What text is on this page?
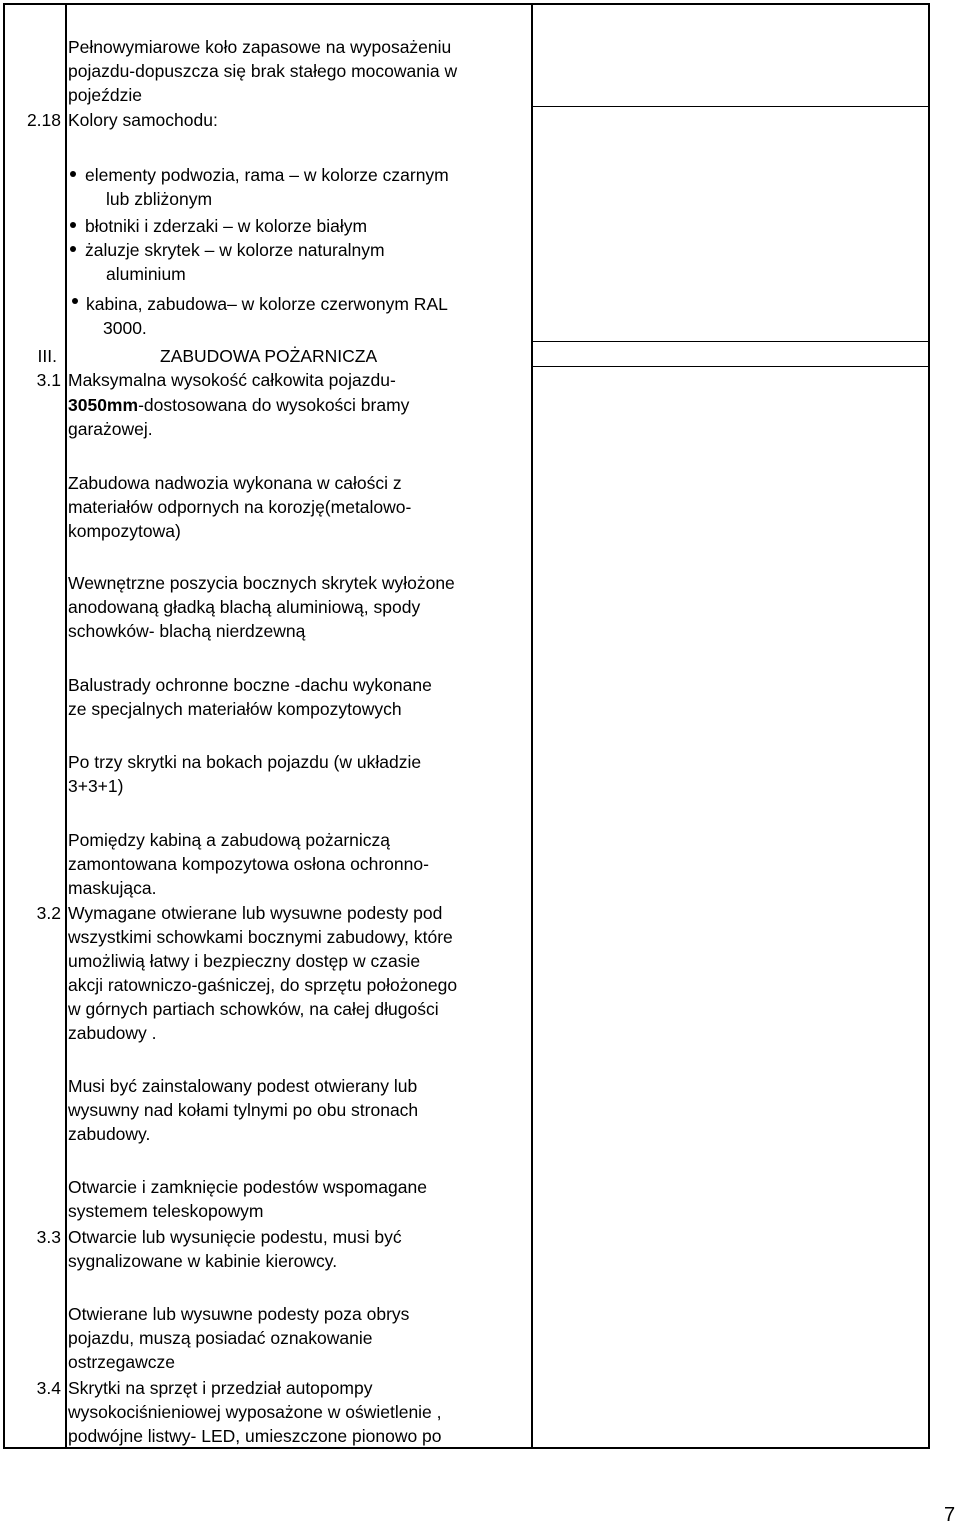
Pełnowymiarowe koło zapasowe na wyposażeniu
pojazdu-dopuszcza się brak stałego mocowania w
pojeździe
2.18 Kolory samochodu:
elementy podwozia, rama – w kolorze czarnym
lub zbliżonym
błotniki i zderzaki – w kolorze białym
żaluzje skrytek – w kolorze naturalnym
aluminium
kabina, zabudowa– w kolorze czerwonym RAL
3000.
III.	ZABUDOWA POŻARNICZA
3.1 Maksymalna wysokość całkowita pojazdu-
3050mm-dostosowana do wysokości bramy
garażowej.
Zabudowa nadwozia wykonana w całości z
materiałów odpornych na korozję(metalowo-
kompozytowa)
Wewnętrzne poszycia bocznych skrytek wyłożone
anodowaną gładką blachą aluminiową, spody
schowków- blachą nierdzewną
Balustrady ochronne boczne -dachu wykonane
ze specjalnych materiałów kompozytowych
Po trzy skrytki na bokach pojazdu (w układzie
3+3+1)
Pomiędzy kabiną a zabudową pożarniczą
zamontowana kompozytowa osłona ochronno-
maskująca.
3.2 Wymagane otwierane lub wysuwne podesty pod
wszystkimi schowkami bocznymi zabudowy, które
umożliwią łatwy i bezpieczny dostęp w czasie
akcji ratowniczo-gaśniczej, do sprzętu położonego
w górnych partiach schowków, na całej długości
zabudowy .
Musi być zainstalowany podest otwierany lub
wysuwny nad kołami tylnymi po obu stronach
zabudowy.
Otwarcie i zamknięcie podestów wspomagane
systemem teleskopowym
3.3 Otwarcie lub wysunięcie podestu, musi być
sygnalizowane w kabinie kierowcy.
Otwierane lub wysuwne podesty poza obrys
pojazdu, muszą posiadać oznakowanie
ostrzegawcze
3.4 Skrytki na sprzęt i przedział autopompy
wysokociśnieniowej wyposażone w oświetlenie ,
podwójne listwy- LED, umieszczone pionowo po
7
